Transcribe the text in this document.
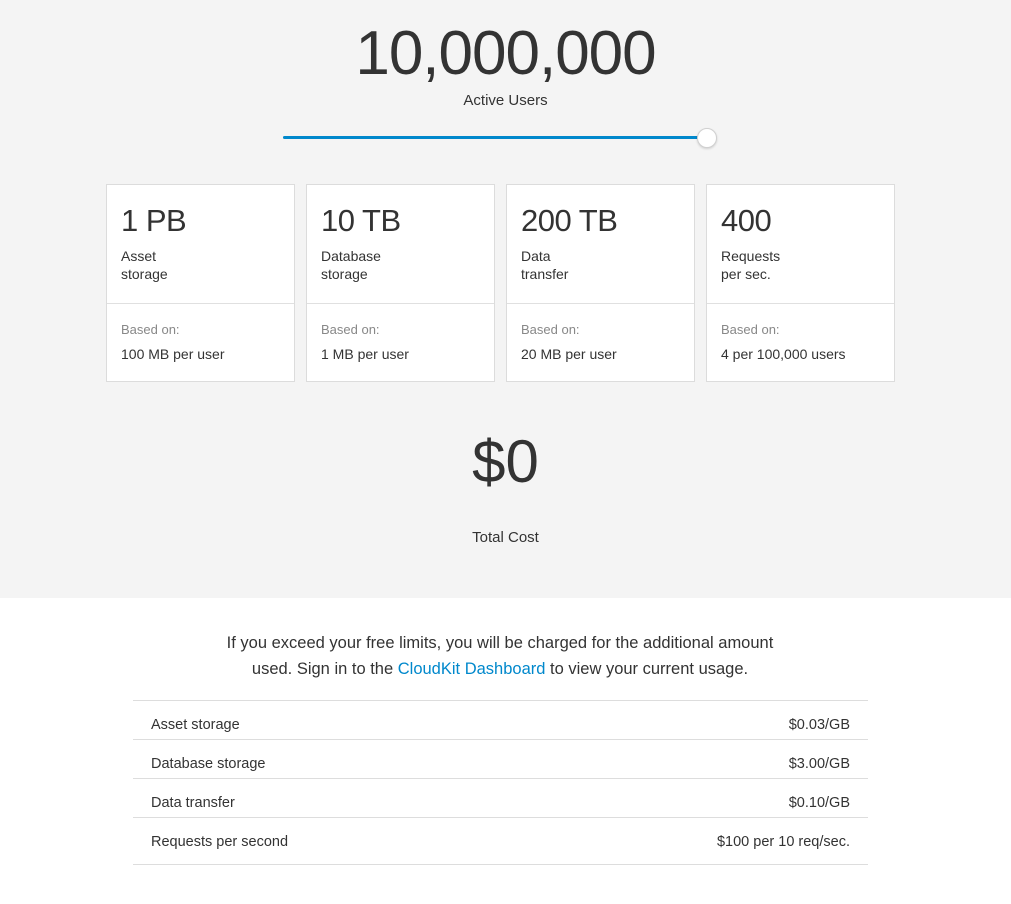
10,000,000
Active Users
1 PB
Asset
storage
Based on:
100 MB per user
10 TB
Database
storage
Based on:
1 MB per user
200 TB
Data
transfer
Based on:
20 MB per user
400
Requests
per sec.
Based on:
4 per 100,000 users
$0
Total Cost
If you exceed your free limits, you will be charged for the additional amount
used. Sign in to the CloudKit Dashboard to view your current usage.
Asset storage	$0.03/GB
Database storage	$3.00/GB
Data transfer	$0.10/GB
Requests per second	$100 per 10 req/sec.
